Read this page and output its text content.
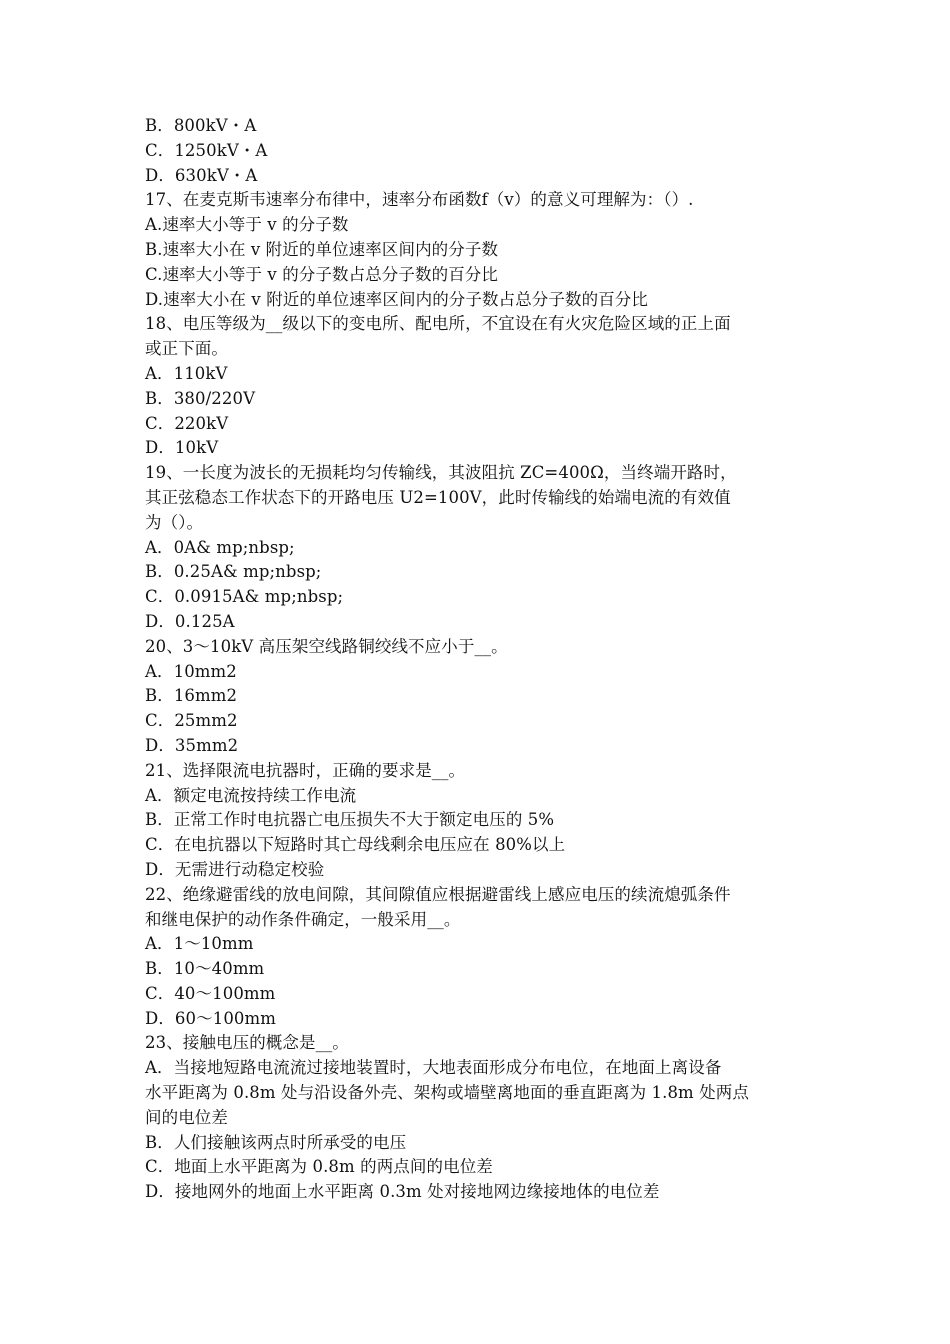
B．800kV・A
C．1250kV・A
D．630kV・A
17、在麦克斯韦速率分布律中，速率分布函数f（v）的意义可理解为：（）.
A.速率大小等于 v 的分子数
B.速率大小在 v 附近的单位速率区间内的分子数
C.速率大小等于 v 的分子数占总分子数的百分比
D.速率大小在 v 附近的单位速率区间内的分子数占总分子数的百分比
18、电压等级为__级以下的变电所、配电所，不宜设在有火灾危险区域的正上面
或正下面。
A．110kV
B．380/220V
C．220kV
D．10kV
19、一长度为波长的无损耗均匀传输线，其波阻抗 ZC=400Ω，当终端开路时，
其正弦稳态工作状态下的开路电压 U2=100V，此时传输线的始端电流的有效值
为（）。
A．0A& mp;nbsp;
B．0.25A& mp;nbsp;
C．0.0915A& mp;nbsp;
D．0.125A
20、3～10kV 高压架空线路铜绞线不应小于__。
A．10mm2
B．16mm2
C．25mm2
D．35mm2
21、选择限流电抗器时，正确的要求是__。
A．额定电流按持续工作电流
B．正常工作时电抗器亡电压损失不大于额定电压的 5%
C．在电抗器以下短路时其亡母线剩余电压应在 80%以上
D．无需进行动稳定校验
22、绝缘避雷线的放电间隙，其间隙值应根据避雷线上感应电压的续流熄弧条件
和继电保护的动作条件确定，一般采用__。
A．1～10mm
B．10～40mm
C．40～100mm
D．60～100mm
23、接触电压的概念是__。
A．当接地短路电流流过接地装置时，大地表面形成分布电位，在地面上离设备
水平距离为 0.8m 处与沿设备外壳、架构或墙壁离地面的垂直距离为 1.8m 处两点
间的电位差
B．人们接触该两点时所承受的电压
C．地面上水平距离为 0.8m 的两点间的电位差
D．接地网外的地面上水平距离 0.3m 处对接地网边缘接地体的电位差
